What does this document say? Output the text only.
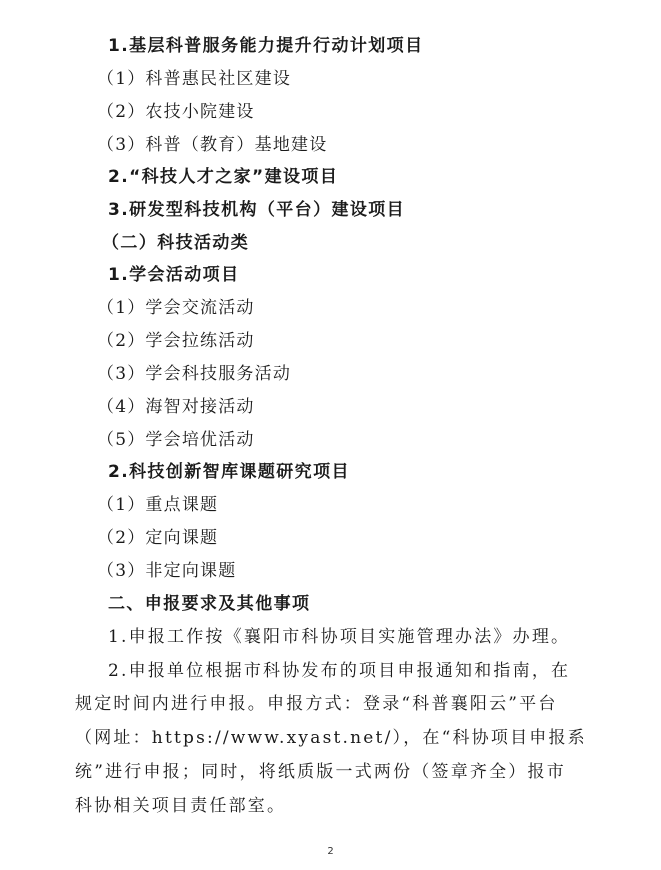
1.基层科普服务能力提升行动计划项目
（1）科普惠民社区建设
（2）农技小院建设
（3）科普（教育）基地建设
2.“科技人才之家”建设项目
3.研发型科技机构（平台）建设项目
（二）科技活动类
1.学会活动项目
（1）学会交流活动
（2）学会拉练活动
（3）学会科技服务活动
（4）海智对接活动
（5）学会培优活动
2.科技创新智库课题研究项目
（1）重点课题
（2）定向课题
（3）非定向课题
二、申报要求及其他事项
1.申报工作按《襄阳市科协项目实施管理办法》办理。
2.申报单位根据市科协发布的项目申报通知和指南，在
规定时间内进行申报。申报方式：登录“科普襄阳云”平台
（网址：https://www.xyast.net/），在“科协项目申报系
统”进行申报；同时，将纸质版一式两份（签章齐全）报市
科协相关项目责任部室。
2
